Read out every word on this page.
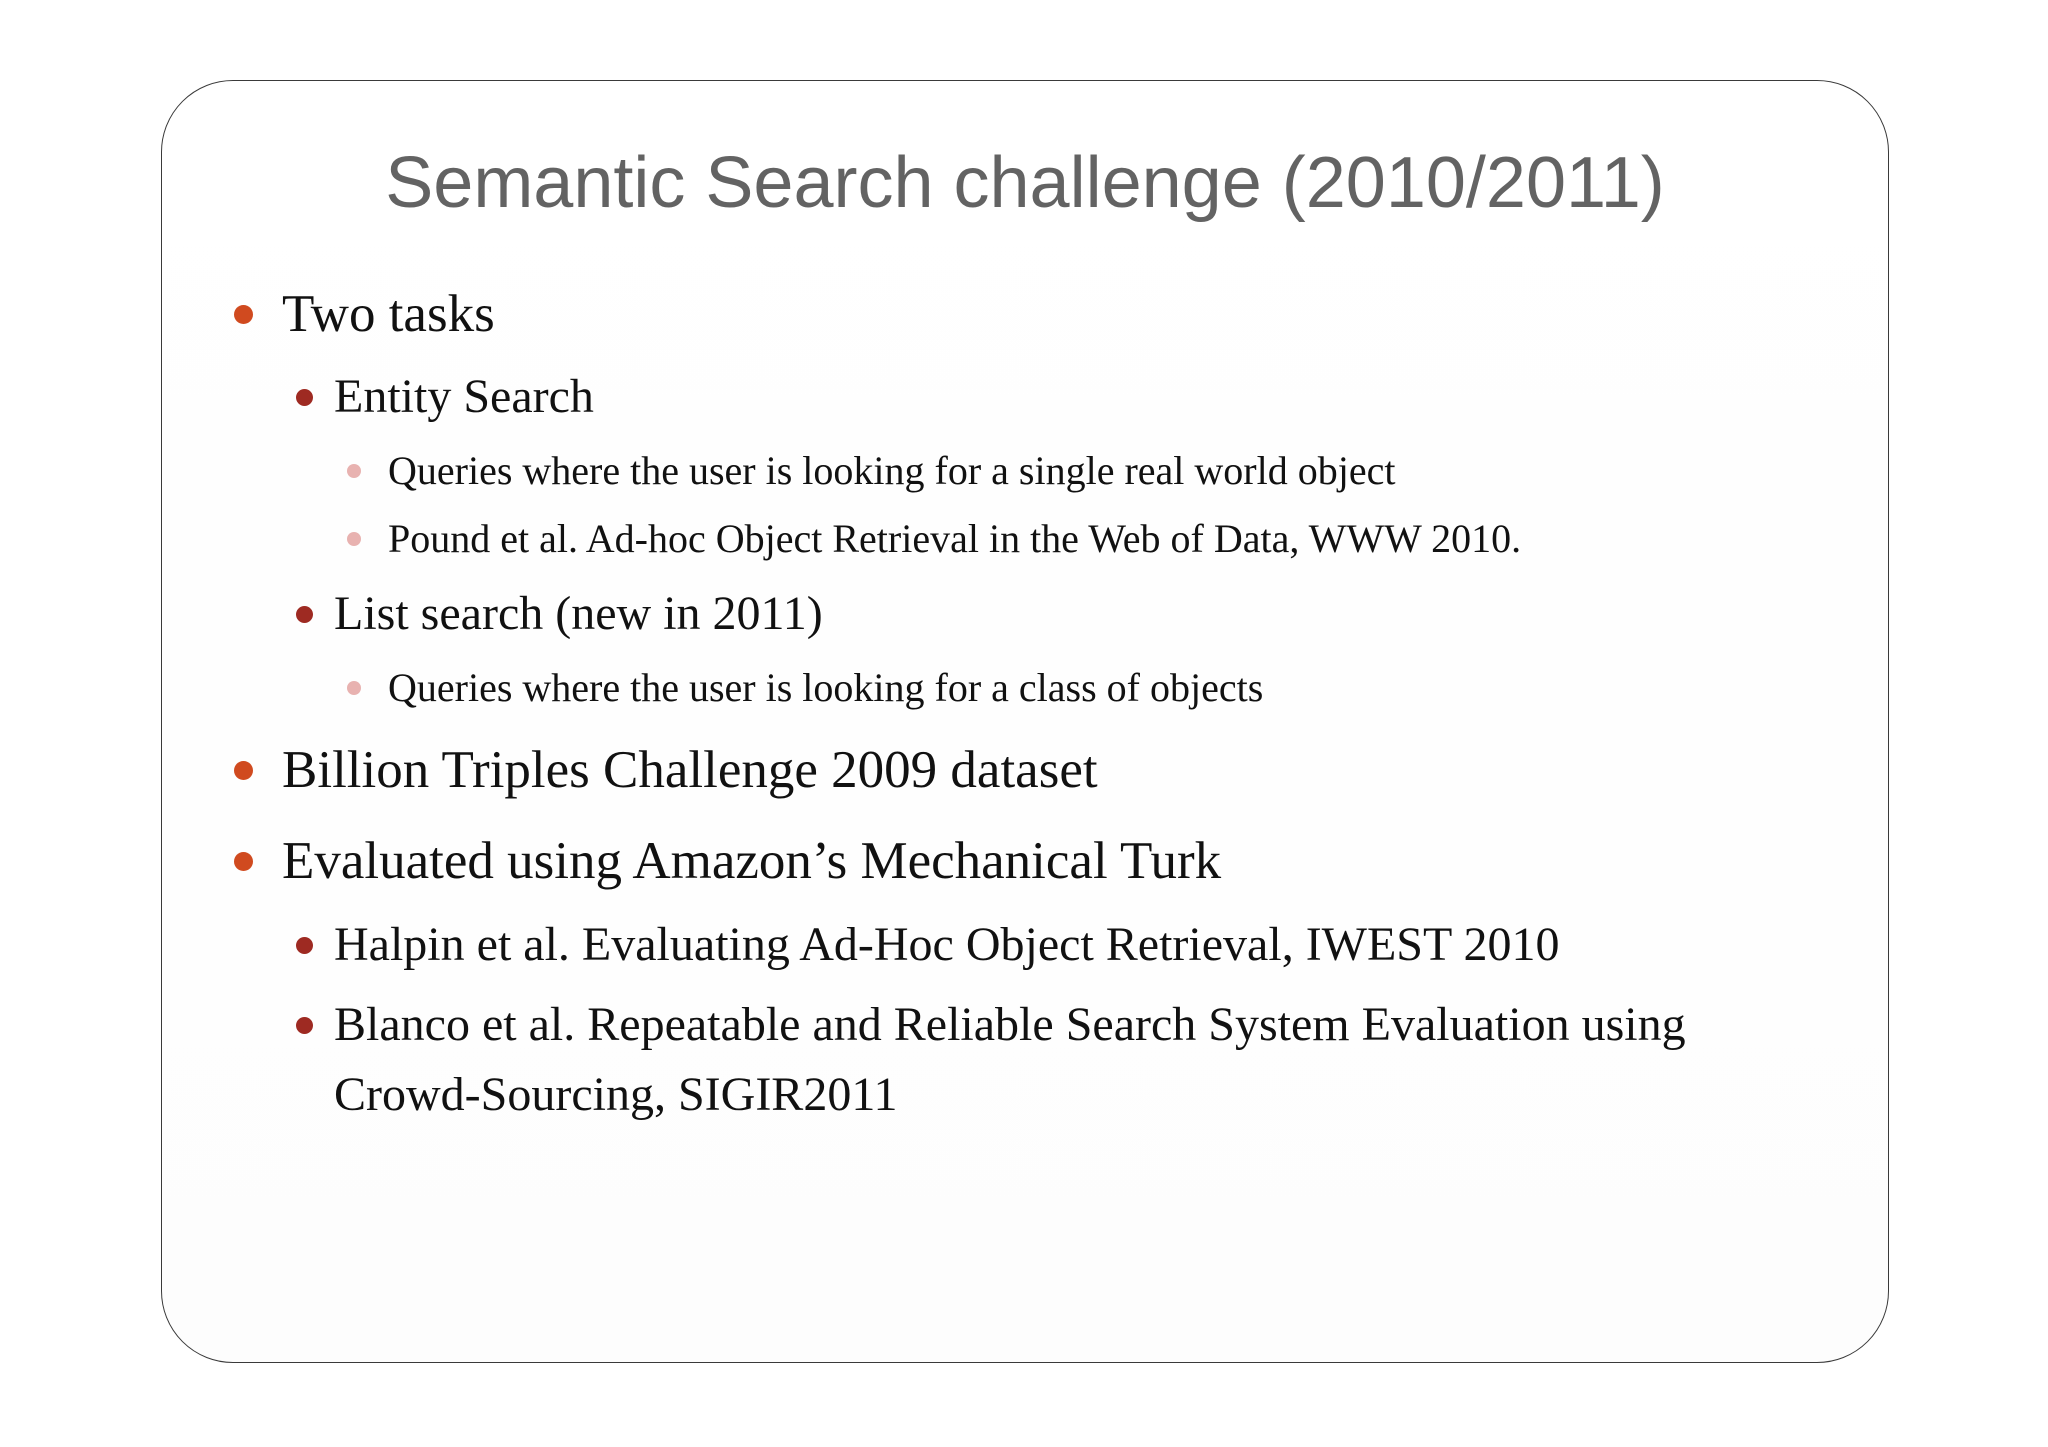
Semantic Search challenge (2010/2011)
Two tasks
Entity Search
Queries where the user is looking for a single real world object
Pound et al. Ad-hoc Object Retrieval in the Web of Data, WWW 2010.
List search (new in 2011)
Queries where the user is looking for a class of objects
Billion Triples Challenge 2009 dataset
Evaluated using Amazon’s Mechanical Turk
Halpin et al. Evaluating Ad-Hoc Object Retrieval, IWEST 2010
Blanco et al. Repeatable and Reliable Search System Evaluation using
Crowd-Sourcing, SIGIR2011
